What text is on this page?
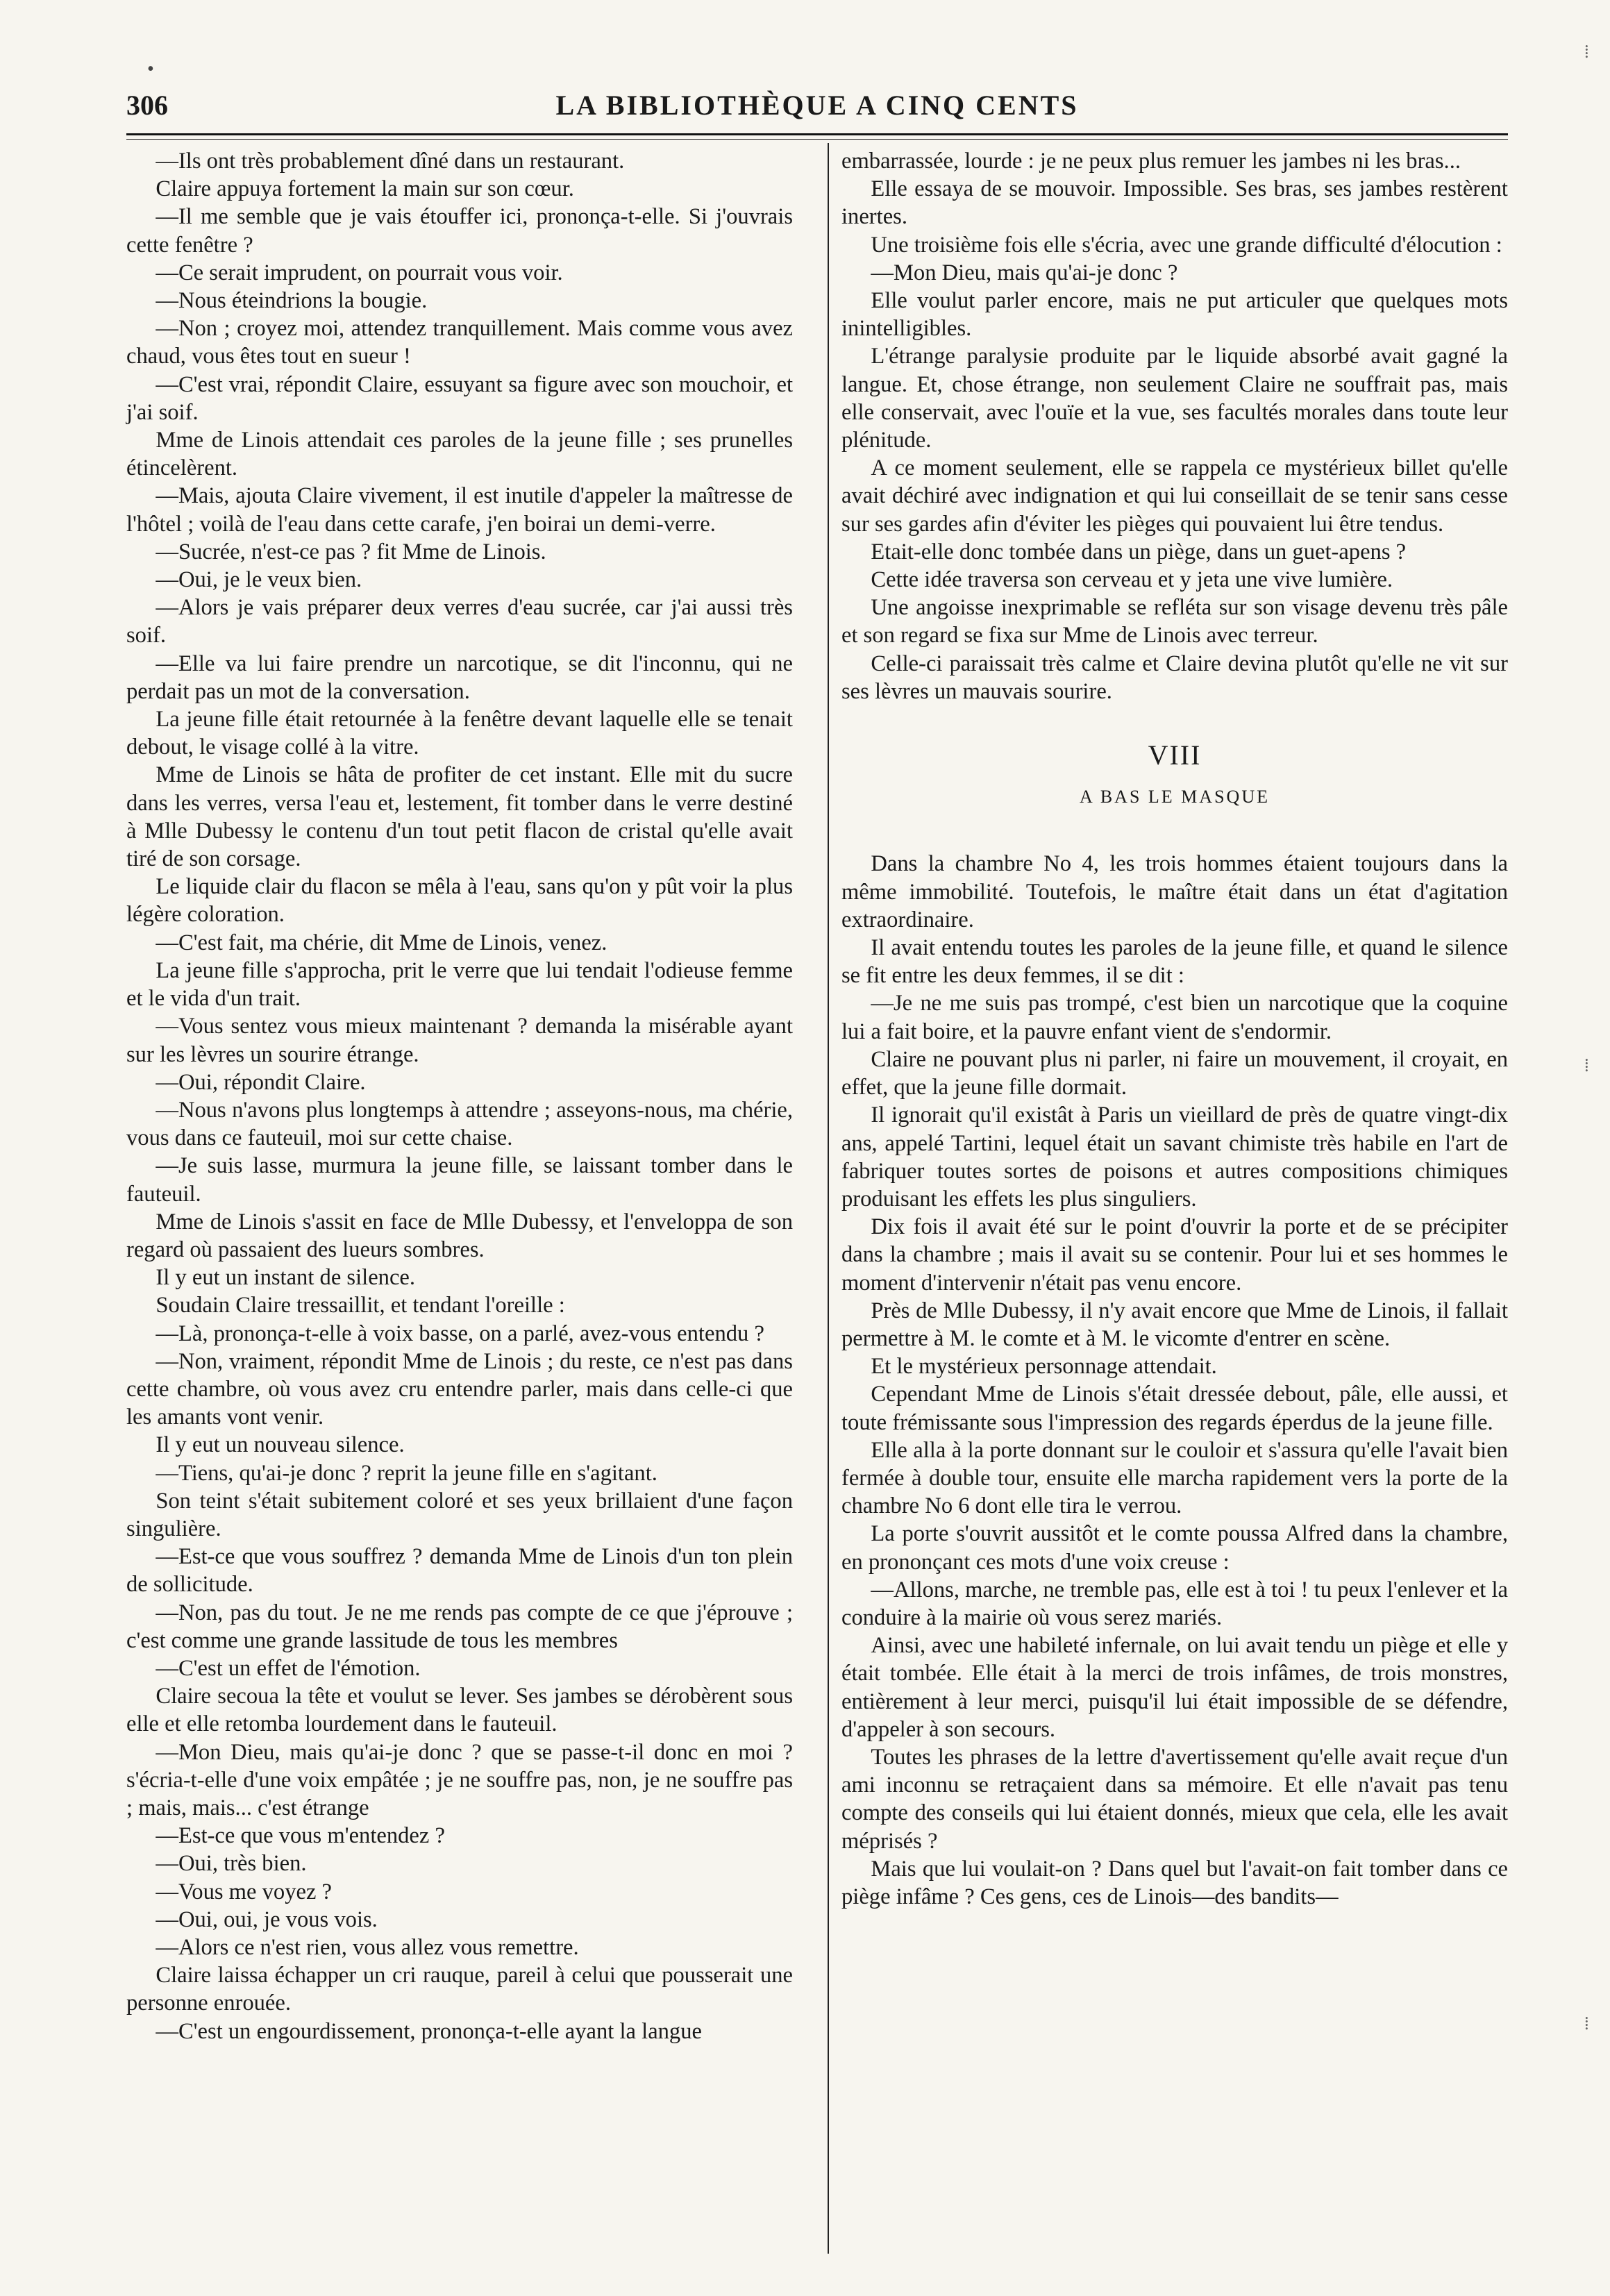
306	LA BIBLIOTHÈQUE A CINQ CENTS

—Ils ont très probablement dîné dans un restaurant.

Claire appuya fortement la main sur son cœur.

—Il me semble que je vais étouffer ici, prononça-t-elle. Si j'ouvrais cette fenêtre ?

—Ce serait imprudent, on pourrait vous voir.

—Nous éteindrions la bougie.

—Non ; croyez moi, attendez tranquillement. Mais comme vous avez chaud, vous êtes tout en sueur !

—C'est vrai, répondit Claire, essuyant sa figure avec son mouchoir, et j'ai soif.

Mme de Linois attendait ces paroles de la jeune fille ; ses prunelles étincelèrent.

—Mais, ajouta Claire vivement, il est inutile d'appeler la maîtresse de l'hôtel ; voilà de l'eau dans cette carafe, j'en boirai un demi-verre.

—Sucrée, n'est-ce pas ? fit Mme de Linois.

—Oui, je le veux bien.

—Alors je vais préparer deux verres d'eau sucrée, car j'ai aussi très soif.

—Elle va lui faire prendre un narcotique, se dit l'inconnu, qui ne perdait pas un mot de la conversation.

La jeune fille était retournée à la fenêtre devant laquelle elle se tenait debout, le visage collé à la vitre.

Mme de Linois se hâta de profiter de cet instant. Elle mit du sucre dans les verres, versa l'eau et, lestement, fit tomber dans le verre destiné à Mlle Dubessy le contenu d'un tout petit flacon de cristal qu'elle avait tiré de son corsage.

Le liquide clair du flacon se mêla à l'eau, sans qu'on y pût voir la plus légère coloration.

—C'est fait, ma chérie, dit Mme de Linois, venez.

La jeune fille s'approcha, prit le verre que lui tendait l'odieuse femme et le vida d'un trait.

—Vous sentez vous mieux maintenant ? demanda la misérable ayant sur les lèvres un sourire étrange.

—Oui, répondit Claire.

—Nous n'avons plus longtemps à attendre ; asseyons-nous, ma chérie, vous dans ce fauteuil, moi sur cette chaise.

—Je suis lasse, murmura la jeune fille, se laissant tomber dans le fauteuil.

Mme de Linois s'assit en face de Mlle Dubessy, et l'enveloppa de son regard où passaient des lueurs sombres.

Il y eut un instant de silence.

Soudain Claire tressaillit, et tendant l'oreille :

—Là, prononça-t-elle à voix basse, on a parlé, avez-vous entendu ?

—Non, vraiment, répondit Mme de Linois ; du reste, ce n'est pas dans cette chambre, où vous avez cru entendre parler, mais dans celle-ci que les amants vont venir.

Il y eut un nouveau silence.

—Tiens, qu'ai-je donc ? reprit la jeune fille en s'agitant.

Son teint s'était subitement coloré et ses yeux brillaient d'une façon singulière.

—Est-ce que vous souffrez ? demanda Mme de Linois d'un ton plein de sollicitude.

—Non, pas du tout. Je ne me rends pas compte de ce que j'éprouve ; c'est comme une grande lassitude de tous les membres

—C'est un effet de l'émotion.

Claire secoua la tête et voulut se lever. Ses jambes se dérobèrent sous elle et elle retomba lourdement dans le fauteuil.

—Mon Dieu, mais qu'ai-je donc ? que se passe-t-il donc en moi ? s'écria-t-elle d'une voix empâtée ; je ne souffre pas, non, je ne souffre pas ; mais, mais... c'est étrange

—Est-ce que vous m'entendez ?

—Oui, très bien.

—Vous me voyez ?

—Oui, oui, je vous vois.

—Alors ce n'est rien, vous allez vous remettre.

Claire laissa échapper un cri rauque, pareil à celui que pousserait une personne enrouée.

—C'est un engourdissement, prononça-t-elle ayant la langue

embarrassée, lourde : je ne peux plus remuer les jambes ni les bras...

Elle essaya de se mouvoir. Impossible. Ses bras, ses jambes restèrent inertes.

Une troisième fois elle s'écria, avec une grande difficulté d'élocution :

—Mon Dieu, mais qu'ai-je donc ?

Elle voulut parler encore, mais ne put articuler que quelques mots inintelligibles.

L'étrange paralysie produite par le liquide absorbé avait gagné la langue. Et, chose étrange, non seulement Claire ne souffrait pas, mais elle conservait, avec l'ouïe et la vue, ses facultés morales dans toute leur plénitude.

A ce moment seulement, elle se rappela ce mystérieux billet qu'elle avait déchiré avec indignation et qui lui conseillait de se tenir sans cesse sur ses gardes afin d'éviter les pièges qui pouvaient lui être tendus.

Etait-elle donc tombée dans un piège, dans un guet-apens ?

Cette idée traversa son cerveau et y jeta une vive lumière.

Une angoisse inexprimable se refléta sur son visage devenu très pâle et son regard se fixa sur Mme de Linois avec terreur.

Celle-ci paraissait très calme et Claire devina plutôt qu'elle ne vit sur ses lèvres un mauvais sourire.

VIII
A BAS LE MASQUE

Dans la chambre No 4, les trois hommes étaient toujours dans la même immobilité. Toutefois, le maître était dans un état d'agitation extraordinaire.

Il avait entendu toutes les paroles de la jeune fille, et quand le silence se fit entre les deux femmes, il se dit :

—Je ne me suis pas trompé, c'est bien un narcotique que la coquine lui a fait boire, et la pauvre enfant vient de s'endormir.

Claire ne pouvant plus ni parler, ni faire un mouvement, il croyait, en effet, que la jeune fille dormait.

Il ignorait qu'il existât à Paris un vieillard de près de quatre vingt-dix ans, appelé Tartini, lequel était un savant chimiste très habile en l'art de fabriquer toutes sortes de poisons et autres compositions chimiques produisant les effets les plus singuliers.

Dix fois il avait été sur le point d'ouvrir la porte et de se précipiter dans la chambre ; mais il avait su se contenir. Pour lui et ses hommes le moment d'intervenir n'était pas venu encore.

Près de Mlle Dubessy, il n'y avait encore que Mme de Linois, il fallait permettre à M. le comte et à M. le vicomte d'entrer en scène.

Et le mystérieux personnage attendait.

Cependant Mme de Linois s'était dressée debout, pâle, elle aussi, et toute frémissante sous l'impression des regards éperdus de la jeune fille.

Elle alla à la porte donnant sur le couloir et s'assura qu'elle l'avait bien fermée à double tour, ensuite elle marcha rapidement vers la porte de la chambre No 6 dont elle tira le verrou.

La porte s'ouvrit aussitôt et le comte poussa Alfred dans la chambre, en prononçant ces mots d'une voix creuse :

—Allons, marche, ne tremble pas, elle est à toi ! tu peux l'enlever et la conduire à la mairie où vous serez mariés.

Ainsi, avec une habileté infernale, on lui avait tendu un piège et elle y était tombée. Elle était à la merci de trois infâmes, de trois monstres, entièrement à leur merci, puisqu'il lui était impossible de se défendre, d'appeler à son secours.

Toutes les phrases de la lettre d'avertissement qu'elle avait reçue d'un ami inconnu se retraçaient dans sa mémoire. Et elle n'avait pas tenu compte des conseils qui lui étaient donnés, mieux que cela, elle les avait méprisés ?

Mais que lui voulait-on ? Dans quel but l'avait-on fait tomber dans ce piège infâme ? Ces gens, ces de Linois—des bandits—

•
⁞
⁞
⁞
